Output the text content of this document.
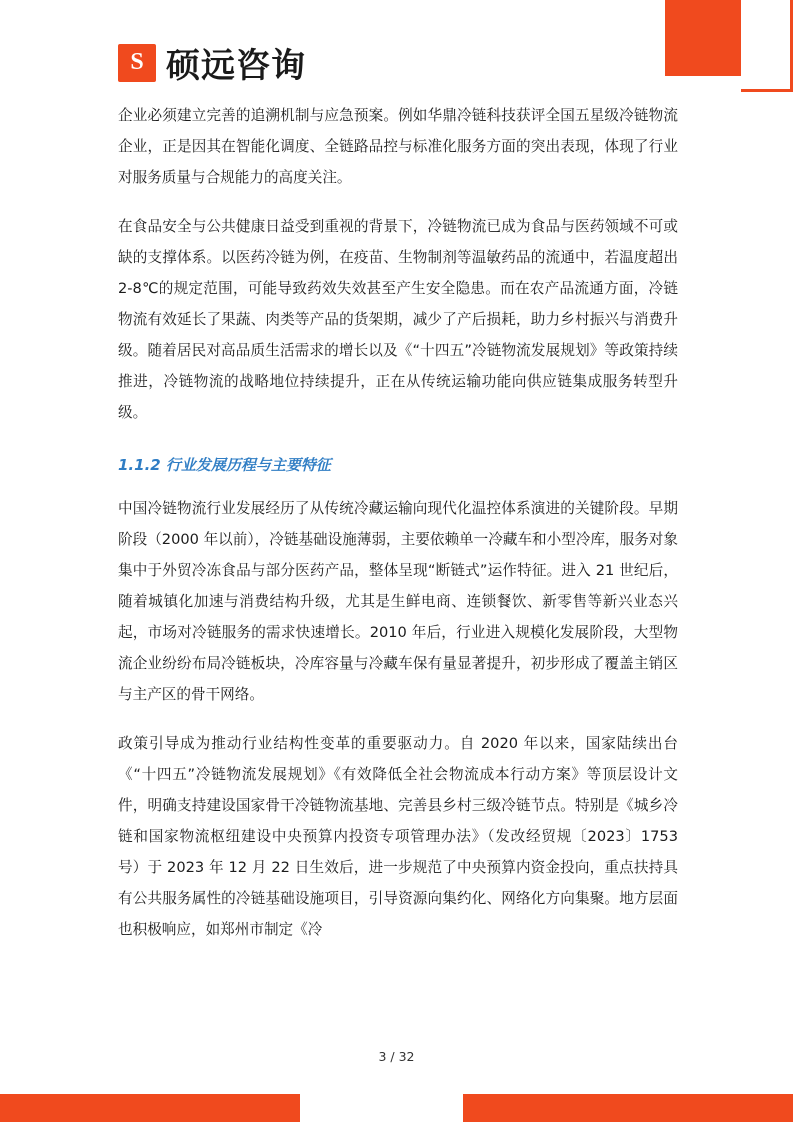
S 硕远咨询

企业必须建立完善的追溯机制与应急预案。例如华鼎冷链科技获评全国五星级冷链物流企业，正是因其在智能化调度、全链路品控与标准化服务方面的突出表现，体现了行业对服务质量与合规能力的高度关注。

在食品安全与公共健康日益受到重视的背景下，冷链物流已成为食品与医药领域不可或缺的支撑体系。以医药冷链为例，在疫苗、生物制剂等温敏药品的流通中，若温度超出 2-8℃的规定范围，可能导致药效失效甚至产生安全隐患。而在农产品流通方面，冷链物流有效延长了果蔬、肉类等产品的货架期，减少了产后损耗，助力乡村振兴与消费升级。随着居民对高品质生活需求的增长以及《“十四五”冷链物流发展规划》等政策持续推进，冷链物流的战略地位持续提升，正在从传统运输功能向供应链集成服务转型升级。

1.1.2 行业发展历程与主要特征

中国冷链物流行业发展经历了从传统冷藏运输向现代化温控体系演进的关键阶段。早期阶段（2000 年以前），冷链基础设施薄弱，主要依赖单一冷藏车和小型冷库，服务对象集中于外贸冷冻食品与部分医药产品，整体呈现“断链式”运作特征。进入 21 世纪后，随着城镇化加速与消费结构升级，尤其是生鲜电商、连锁餐饮、新零售等新兴业态兴起，市场对冷链服务的需求快速增长。2010 年后，行业进入规模化发展阶段，大型物流企业纷纷布局冷链板块，冷库容量与冷藏车保有量显著提升，初步形成了覆盖主销区与主产区的骨干网络。

政策引导成为推动行业结构性变革的重要驱动力。自 2020 年以来，国家陆续出台《“十四五”冷链物流发展规划》《有效降低全社会物流成本行动方案》等顶层设计文件，明确支持建设国家骨干冷链物流基地、完善县乡村三级冷链节点。特别是《城乡冷链和国家物流枢纽建设中央预算内投资专项管理办法》（发改经贸规〔2023〕1753 号）于 2023 年 12 月 22 日生效后，进一步规范了中央预算内资金投向，重点扶持具有公共服务属性的冷链基础设施项目，引导资源向集约化、网络化方向集聚。地方层面也积极响应，如郑州市制定《冷

3 / 32
